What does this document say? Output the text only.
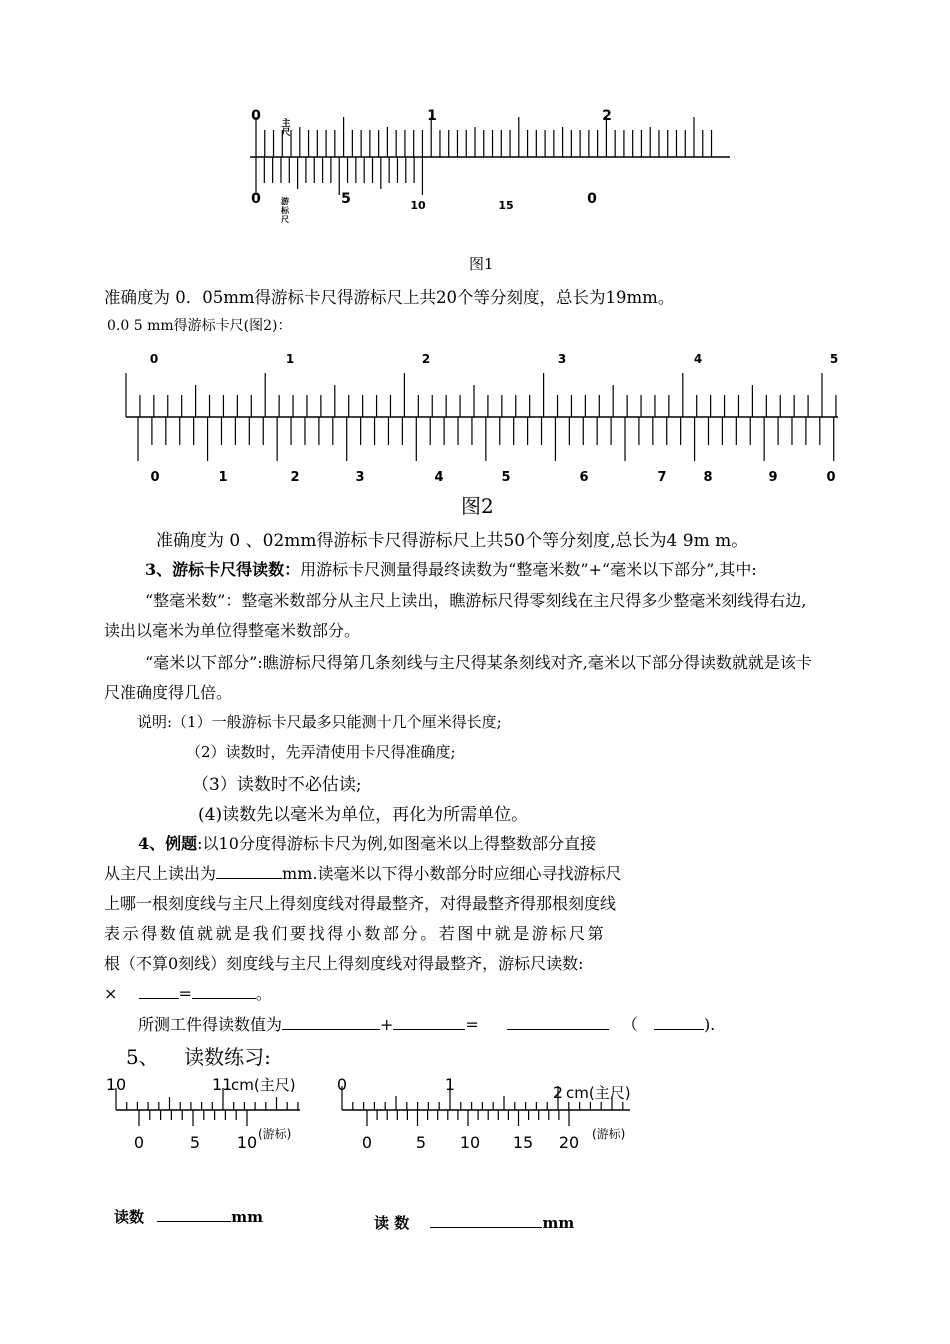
0	1	2
主尺
0	5	10	15	0
游标尺
图1
准确度为 0．05mm得游标卡尺得游标尺上共20个等分刻度，总长为19mm。
0.0 5 mm得游标卡尺(图2)：
0	1	2	3	4	5
0	1	2	3	4	5	6	7	8	9	0
图2
准确度为 0 、02mm得游标卡尺得游标尺上共50个等分刻度,总长为4 9m m。
3、游标卡尺得读数：用游标卡尺测量得最终读数为“整毫米数”+“毫米以下部分”,其中:
“整毫米数”：整毫米数部分从主尺上读出，瞧游标尺得零刻线在主尺得多少整毫米刻线得右边,
读出以毫米为单位得整毫米数部分。
“毫米以下部分”:瞧游标尺得第几条刻线与主尺得某条刻线对齐,毫米以下部分得读数就就是该卡
尺准确度得几倍。
说明:（1）一般游标卡尺最多只能测十几个厘米得长度;
（2）读数时，先弄清使用卡尺得准确度;
（3）读数时不必估读;
(4)读数先以毫米为单位，再化为所需单位。
4、例题:以10分度得游标卡尺为例,如图毫米以上得整数部分直接
从主尺上读出为	mm.读毫米以下得小数部分时应细心寻找游标尺
上哪一根刻度线与主尺上得刻度线对得最整齐，对得最整齐得那根刻度线
表示得数值就就是我们要找得小数部分。若图中就是游标尺第
根（不算0刻线）刻度线与主尺上得刻度线对得最整齐，游标尺读数:
×	=	。
所测工件得读数值为	+	=	（	).
5、    读数练习:
10	11
cm(主尺)
0	5 10 (游标)
0	1	2 cm(主尺)
0	5 10 15 20 (游标)
读数	mm	读 数	mm
